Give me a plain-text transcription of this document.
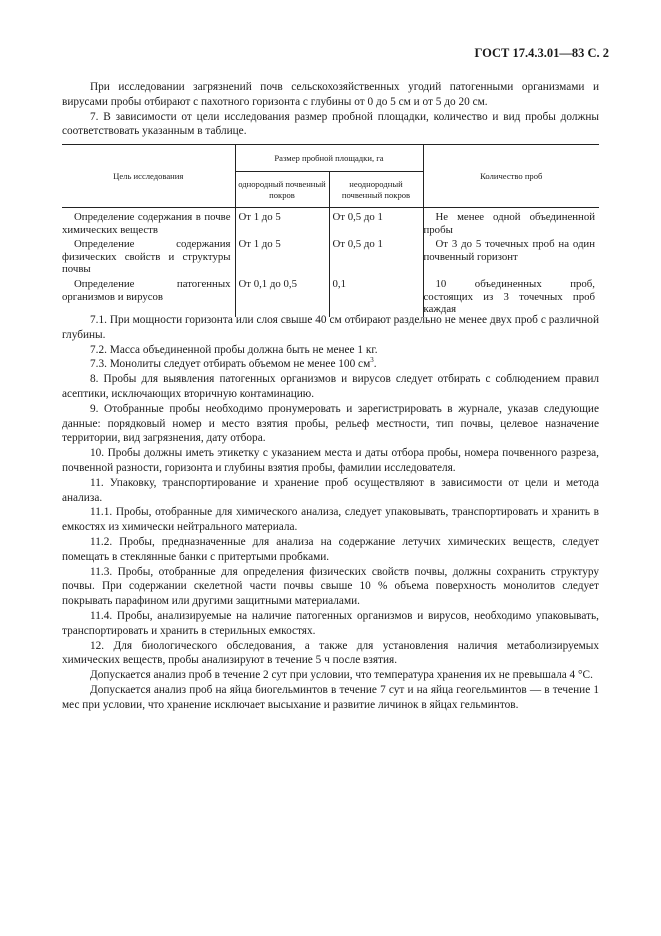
ГОСТ 17.4.3.01—83 С. 2

При исследовании загрязнений почв сельскохозяйственных угодий патогенными организмами и вирусами пробы отбирают с пахотного горизонта с глубины от 0 до 5 см и от 5 до 20 см.

7. В зависимости от цели исследования размер пробной площадки, количество и вид пробы должны соответствовать указанным в таблице.

Цель исследования	Размер пробной площадки, га		Количество проб
	однородный почвенный покров	неоднородный почвенный покров	

Определение содержания в почве химических веществ	От 1 до 5	От 0,5 до 1	Не менее одной объединенной пробы
Определение содержания физических свойств и структуры почвы	От 1 до 5	От 0,5 до 1	От 3 до 5 точечных проб на один почвенный горизонт
Определение патогенных организмов и вирусов	От 0,1 до 0,5	0,1	10 объединенных проб, состоящих из 3 точечных проб каждая

7.1. При мощности горизонта или слоя свыше 40 см отбирают раздельно не менее двух проб с различной глубины.

7.2. Масса объединенной пробы должна быть не менее 1 кг.

7.3. Монолиты следует отбирать объемом не менее 100 $см^3$.

8. Пробы для выявления патогенных организмов и вирусов следует отбирать с соблюдением правил асептики, исключающих вторичную контаминацию.

9. Отобранные пробы необходимо пронумеровать и зарегистрировать в журнале, указав следующие данные: порядковый номер и место взятия пробы, рельеф местности, тип почвы, целевое назначение территории, вид загрязнения, дату отбора.

10. Пробы должны иметь этикетку с указанием места и даты отбора пробы, номера почвенного разреза, почвенной разности, горизонта и глубины взятия пробы, фамилии исследователя.

11. Упаковку, транспортирование и хранение проб осуществляют в зависимости от цели и метода анализа.

11.1. Пробы, отобранные для химического анализа, следует упаковывать, транспортировать и хранить в емкостях из химически нейтрального материала.

11.2. Пробы, предназначенные для анализа на содержание летучих химических веществ, следует помещать в стеклянные банки с притертыми пробками.

11.3. Пробы, отобранные для определения физических свойств почвы, должны сохранить структуру почвы. При содержании скелетной части почвы свыше 10 % объема поверхность монолитов следует покрывать парафином или другими защитными материалами.

11.4. Пробы, анализируемые на наличие патогенных организмов и вирусов, необходимо упаковывать, транспортировать и хранить в стерильных емкостях.

12. Для биологического обследования, а также для установления наличия метаболизируемых химических веществ, пробы анализируют в течение 5 ч после взятия.

Допускается анализ проб в течение 2 сут при условии, что температура хранения их не превышала 4 °С.

Допускается анализ проб на яйца биогельминтов в течение 7 сут и на яйца геогельминтов — в течение 1 мес при условии, что хранение исключает высыхание и развитие личинок в яйцах гельминтов.
